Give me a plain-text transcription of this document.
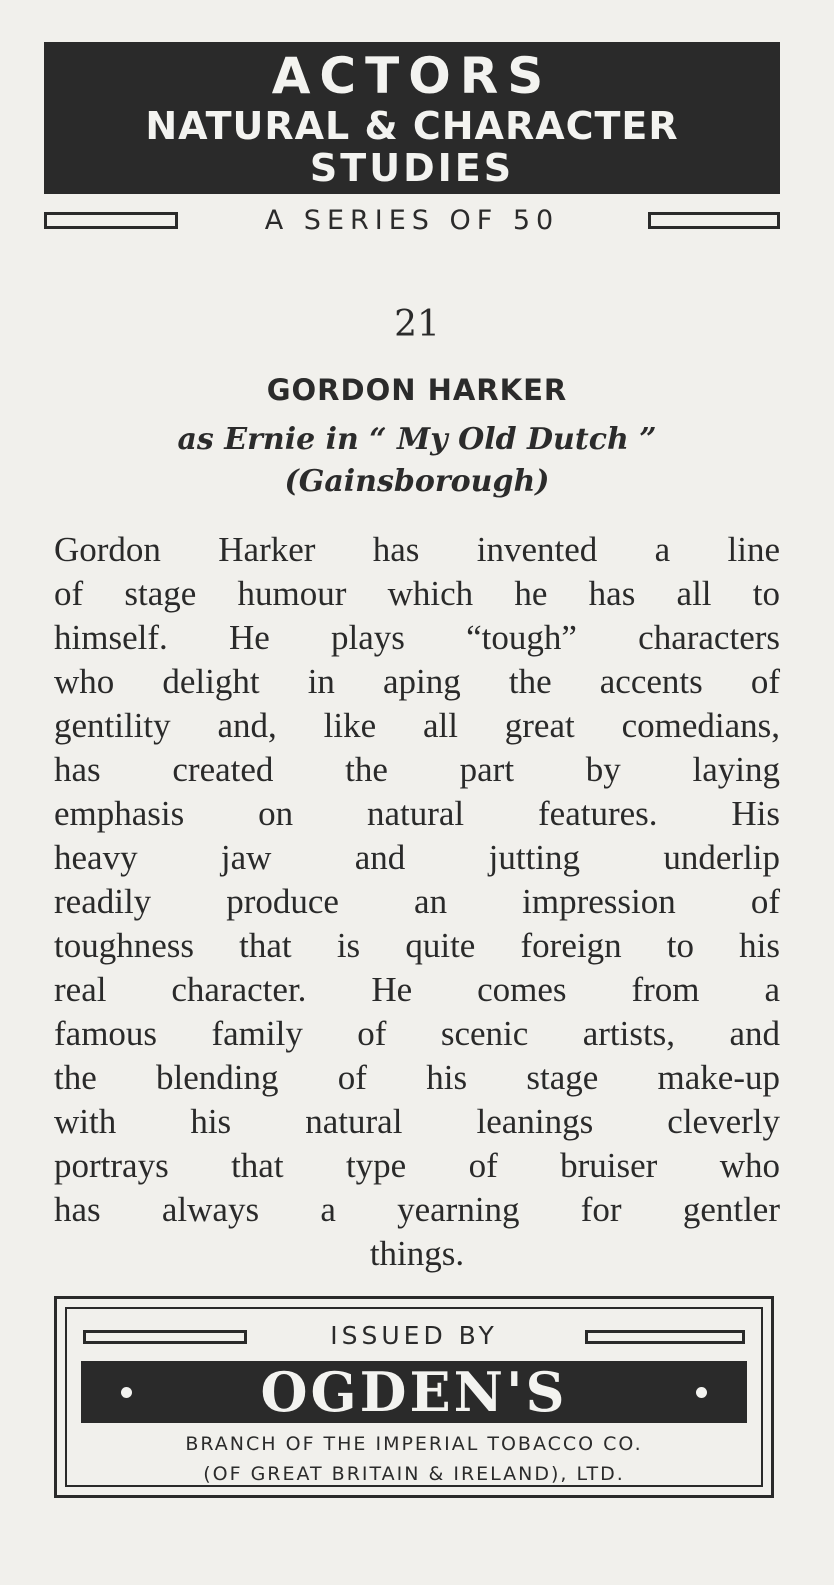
ACTORS
NATURAL & CHARACTER
STUDIES
A SERIES OF 50
21
GORDON HARKER
as Ernie in “ My Old Dutch ”
(Gainsborough)
Gordon Harker has invented a line
of stage humour which he has all to
himself. He plays “tough” characters
who delight in aping the accents of
gentility and, like all great comedians,
has created the part by laying
emphasis on natural features. His
heavy jaw and jutting underlip
readily produce an impression of
toughness that is quite foreign to his
real character. He comes from a
famous family of scenic artists, and
the blending of his stage make-up
with his natural leanings cleverly
portrays that type of bruiser who
has always a yearning for gentler
things.
ISSUED BY
OGDEN'S
BRANCH OF THE IMPERIAL TOBACCO CO.
(OF GREAT BRITAIN & IRELAND), LTD.
